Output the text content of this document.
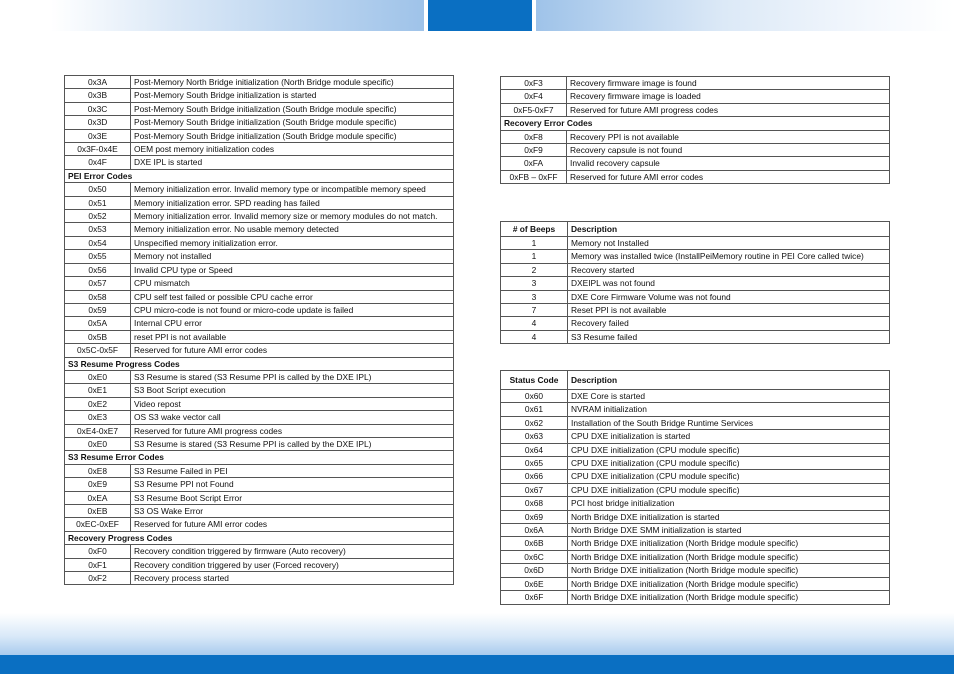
0x3A	Post-Memory North Bridge initialization (North Bridge module specific)
0x3B	Post-Memory South Bridge initialization is started
0x3C	Post-Memory South Bridge initialization (South Bridge module specific)
0x3D	Post-Memory South Bridge initialization (South Bridge module specific)
0x3E	Post-Memory South Bridge initialization (South Bridge module specific)
0x3F-0x4E	OEM post memory initialization codes
0x4F	DXE IPL is started
PEI Error Codes	
0x50	Memory initialization error. Invalid memory type or incompatible memory speed
0x51	Memory initialization error. SPD reading has failed
0x52	Memory initialization error. Invalid memory size or memory modules do not match.
0x53	Memory initialization error. No usable memory detected
0x54	Unspecified memory initialization error.
0x55	Memory not installed
0x56	Invalid CPU type or Speed
0x57	CPU mismatch
0x58	CPU self test failed or possible CPU cache error
0x59	CPU micro-code is not found or micro-code update is failed
0x5A	Internal CPU error
0x5B	reset PPI is not available
0x5C-0x5F	Reserved for future AMI error codes
S3 Resume Progress Codes	
0xE0	S3 Resume is stared (S3 Resume PPI is called by the DXE IPL)
0xE1	S3 Boot Script execution
0xE2	Video repost
0xE3	OS S3 wake vector call
0xE4-0xE7	Reserved for future AMI progress codes
0xE0	S3 Resume is stared (S3 Resume PPI is called by the DXE IPL)
S3 Resume Error Codes	
0xE8	S3 Resume Failed in PEI
0xE9	S3 Resume PPI not Found
0xEA	S3 Resume Boot Script Error
0xEB	S3 OS Wake Error
0xEC-0xEF	Reserved for future AMI error codes
Recovery Progress Codes	
0xF0	Recovery condition triggered by firmware (Auto recovery)
0xF1	Recovery condition triggered by user (Forced recovery)
0xF2	Recovery process started
0xF3	Recovery firmware image is found
0xF4	Recovery firmware image is loaded
0xF5-0xF7	Reserved for future AMI progress codes
Recovery Error Codes	
0xF8	Recovery PPI is not available
0xF9	Recovery capsule is not found
0xFA	Invalid recovery capsule
0xFB – 0xFF	Reserved for future AMI error codes
# of Beeps	Description
1	Memory not Installed
1	Memory was installed twice (InstallPeiMemory routine in PEI Core called twice)
2	Recovery started
3	DXEIPL was not found
3	DXE Core Firmware Volume was not found
7	Reset PPI is not available
4	Recovery failed
4	S3 Resume failed
Status Code	Description
0x60	DXE Core is started
0x61	NVRAM initialization
0x62	Installation of the South Bridge Runtime Services
0x63	CPU DXE initialization is started
0x64	CPU DXE initialization (CPU module specific)
0x65	CPU DXE initialization (CPU module specific)
0x66	CPU DXE initialization (CPU module specific)
0x67	CPU DXE initialization (CPU module specific)
0x68	PCI host bridge initialization
0x69	North Bridge DXE initialization is started
0x6A	North Bridge DXE SMM initialization is started
0x6B	North Bridge DXE initialization (North Bridge module specific)
0x6C	North Bridge DXE initialization (North Bridge module specific)
0x6D	North Bridge DXE initialization (North Bridge module specific)
0x6E	North Bridge DXE initialization (North Bridge module specific)
0x6F	North Bridge DXE initialization (North Bridge module specific)
